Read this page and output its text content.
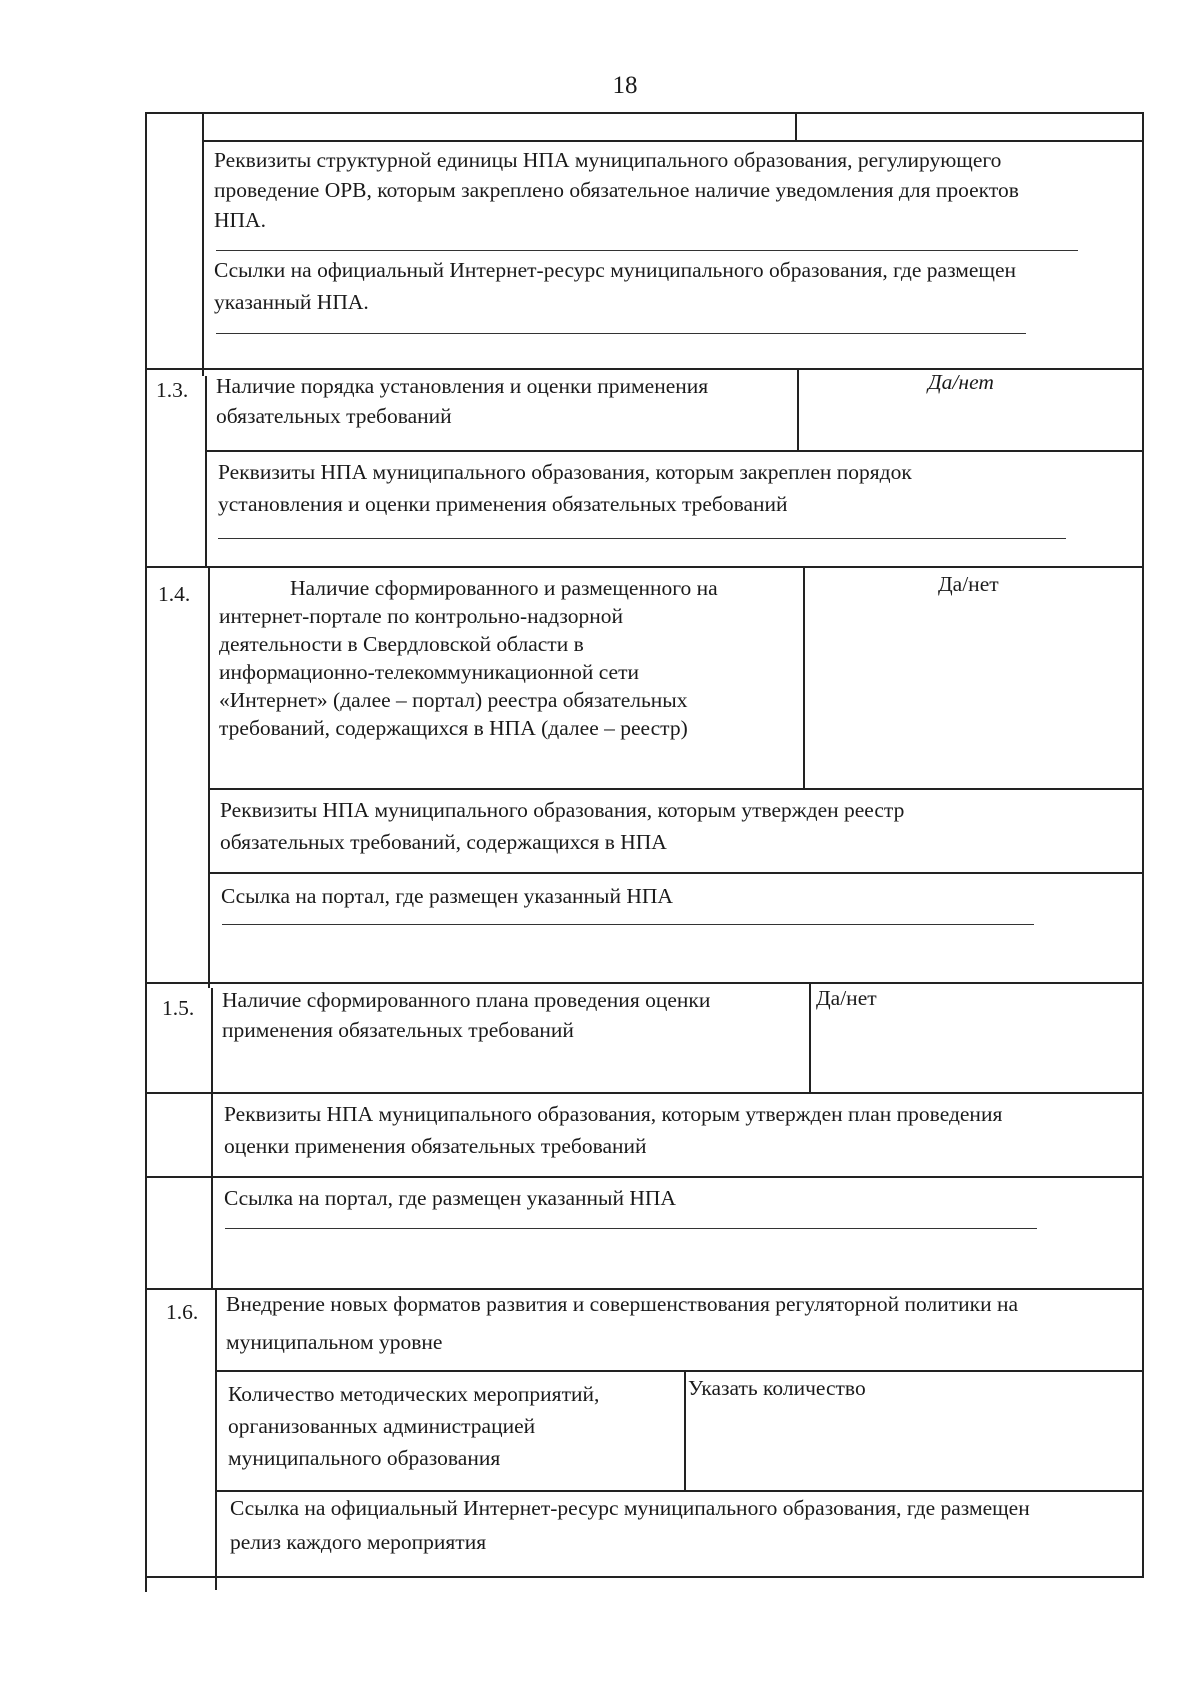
18
Реквизиты структурной единицы НПА муниципального образования, регулирующего
проведение ОРВ, которым закреплено обязательное наличие уведомления для проектов
НПА.
Ссылки на официальный Интернет-ресурс муниципального образования, где размещен
указанный НПА.
1.3. Наличие порядка установления и оценки применения
обязательных требований
Да/нет
Реквизиты НПА муниципального образования, которым закреплен порядок
установления и оценки применения обязательных требований
1.4.	Наличие сформированного и размещенного на
интернет-портале по контрольно-надзорной
деятельности в Свердловской области в
информационно-телекоммуникационной сети
«Интернет» (далее – портал) реестра обязательных
требований, содержащихся в НПА (далее – реестр)
Да/нет
Реквизиты НПА муниципального образования, которым утвержден реестр
обязательных требований, содержащихся в НПА
Ссылка на портал, где размещен указанный НПА
1.5. Наличие сформированного плана проведения оценки
применения обязательных требований
Да/нет
Реквизиты НПА муниципального образования, которым утвержден план проведения
оценки применения обязательных требований
Ссылка на портал, где размещен указанный НПА
1.6. Внедрение новых форматов развития и совершенствования регуляторной политики на
муниципальном уровне
Количество методических мероприятий,
организованных администрацией
муниципального образования
Указать количество
Ссылка на официальный Интернет-ресурс муниципального образования, где размещен
релиз каждого мероприятия
